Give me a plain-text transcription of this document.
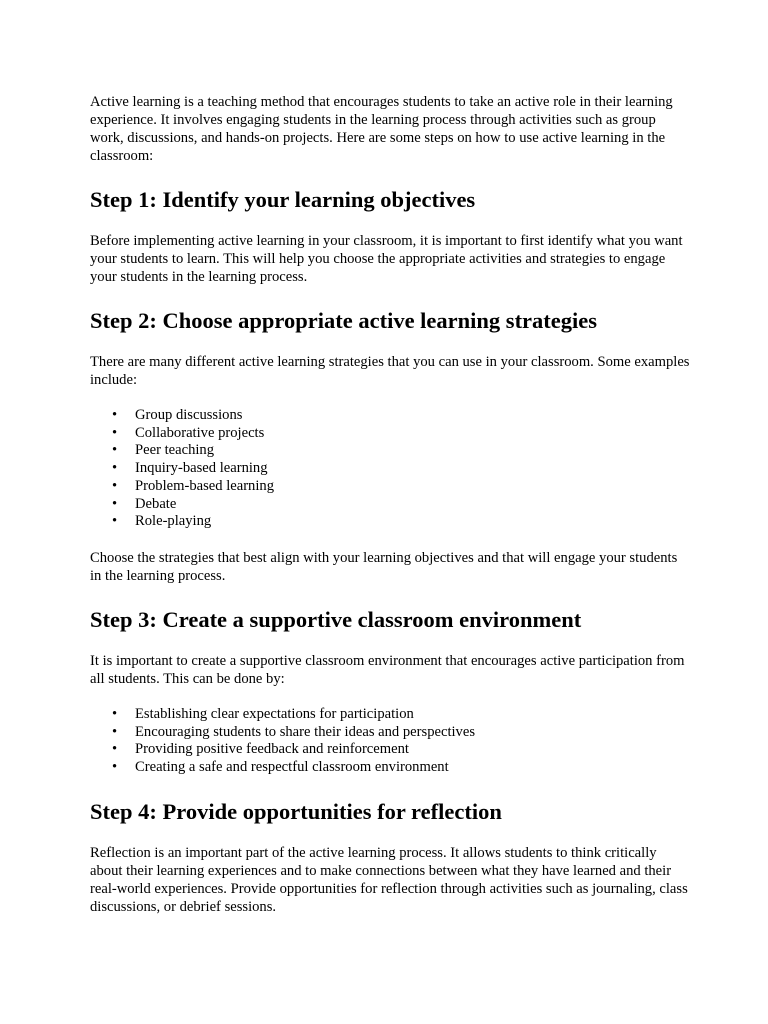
Active learning is a teaching method that encourages students to take an active role in their learning experience. It involves engaging students in the learning process through activities such as group work, discussions, and hands-on projects. Here are some steps on how to use active learning in the classroom:

Step 1: Identify your learning objectives

Before implementing active learning in your classroom, it is important to first identify what you want your students to learn. This will help you choose the appropriate activities and strategies to engage your students in the learning process.

Step 2: Choose appropriate active learning strategies

There are many different active learning strategies that you can use in your classroom. Some examples include:

• Group discussions
• Collaborative projects
• Peer teaching
• Inquiry-based learning
• Problem-based learning
• Debate
• Role-playing

Choose the strategies that best align with your learning objectives and that will engage your students in the learning process.

Step 3: Create a supportive classroom environment

It is important to create a supportive classroom environment that encourages active participation from all students. This can be done by:

• Establishing clear expectations for participation
• Encouraging students to share their ideas and perspectives
• Providing positive feedback and reinforcement
• Creating a safe and respectful classroom environment
Step 4: Provide opportunities for reflection

Reflection is an important part of the active learning process. It allows students to think critically about their learning experiences and to make connections between what they have learned and their real-world experiences. Provide opportunities for reflection through activities such as journaling, class discussions, or debrief sessions.
